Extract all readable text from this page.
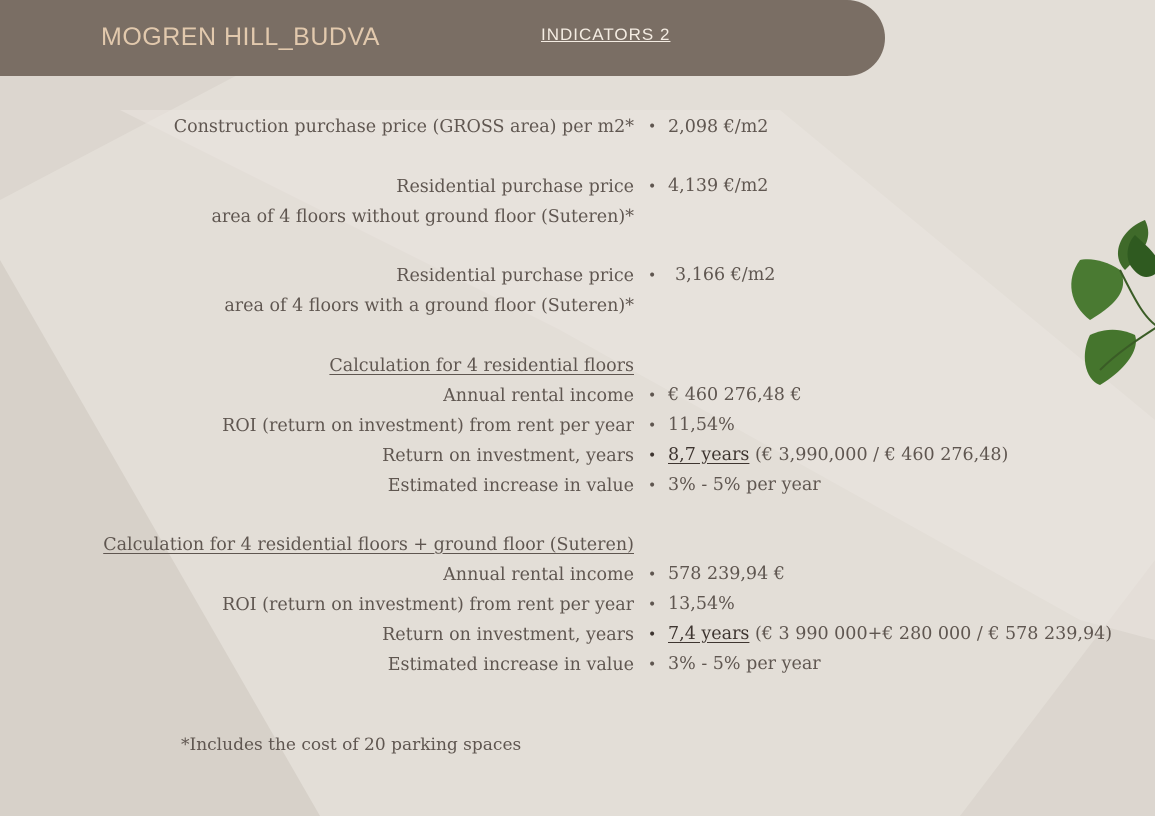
MOGREN HILL_BUDVA	INDICATORS 2
Construction purchase price (GROSS area) per m2* • 2,098 €/m2
Residential purchase price
area of 4 floors without ground floor (Suteren)*
• 4,139 €/m2
Residential purchase price
area of 4 floors with a ground floor (Suteren)*
• 3,166 €/m2
Calculation for 4 residential floors
Annual rental income • € 460 276,48 €
ROI (return on investment) from rent per year • 11,54%
Return on investment, years • 8,7 years (€ 3,990,000 / € 460 276,48)
Estimated increase in value • 3% - 5% per year
Calculation for 4 residential floors + ground floor (Suteren)
Annual rental income • 578 239,94 €
ROI (return on investment) from rent per year • 13,54%
Return on investment, years • 7,4 years (€ 3 990 000+€ 280 000 / € 578 239,94)
Estimated increase in value • 3% - 5% per year
*Includes the cost of 20 parking spaces
